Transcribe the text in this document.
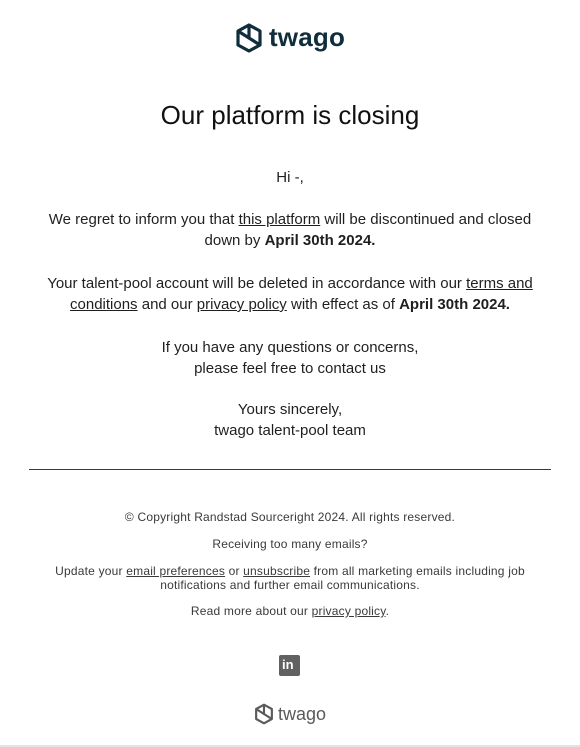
twago
Our platform is closing
Hi -,
We regret to inform you that this platform will be discontinued and closed down by April 30th 2024.
Your talent-pool account will be deleted in accordance with our terms and conditions and our privacy policy with effect as of April 30th 2024.
If you have any questions or concerns,
please feel free to contact us
Yours sincerely,
twago talent-pool team
© Copyright Randstad Sourceright 2024. All rights reserved.
Receiving too many emails?
Update your email preferences or unsubscribe from all marketing emails including job notifications and further email communications.
Read more about our privacy policy.
in
twago
